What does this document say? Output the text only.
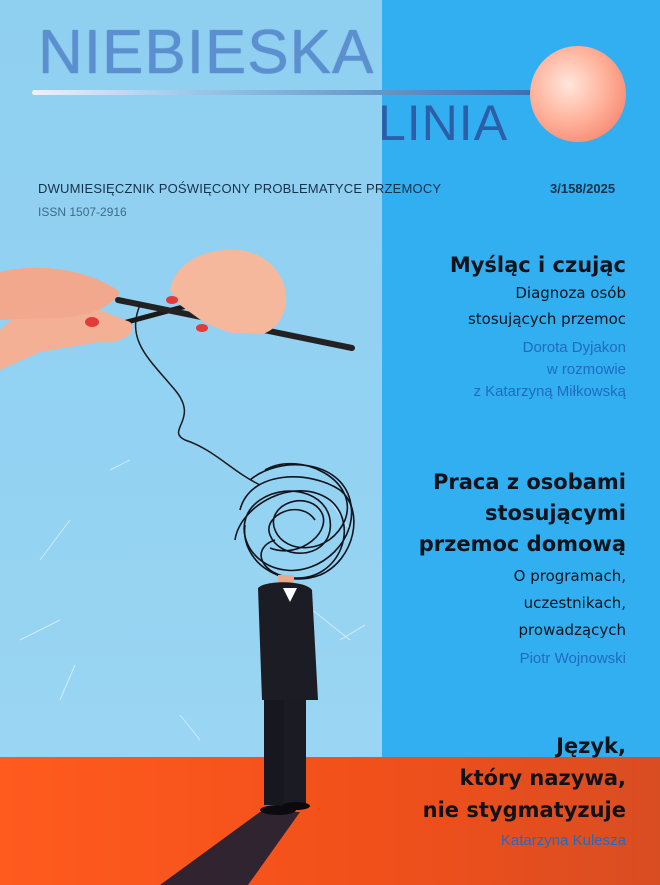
NIEBIESKA
LINIA
DWUMIESIĘCZNIK POŚWIĘCONY PROBLEMATYCE PRZEMOCY	3/158/2025
ISSN 1507-2916
Myśląc i czując
Diagnoza osób
stosujących przemoc
Dorota Dyjakon
w rozmowie
z Katarzyną Miłkowską
Praca z osobami
stosującymi
przemoc domową
O programach,
uczestnikach,
prowadzących
Piotr Wojnowski
Język,
który nazywa,
nie stygmatyzuje
Katarzyna Kulesza
